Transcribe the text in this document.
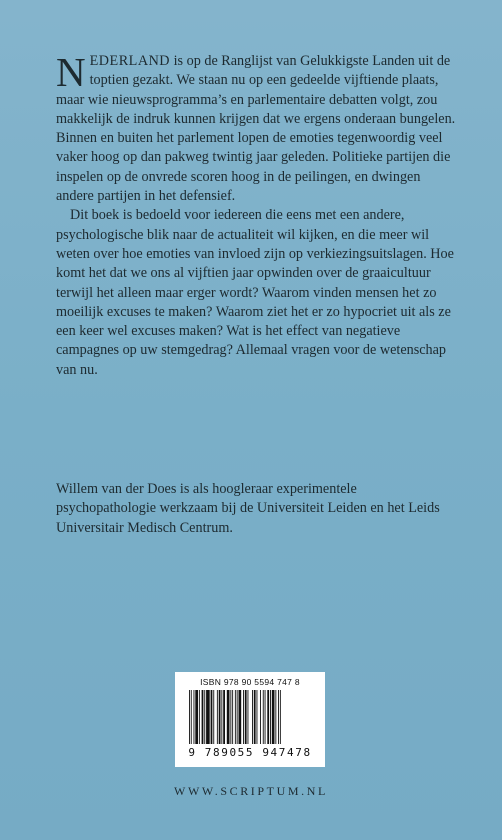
NEDERLAND is op de Ranglijst van Gelukkigste Landen uit de toptien gezakt. We staan nu op een gedeelde vijftiende plaats, maar wie nieuwsprogramma’s en parlementaire debatten volgt, zou makkelijk de indruk kunnen krijgen dat we ergens onderaan bungelen. Binnen en buiten het parlement lopen de emoties tegenwoordig veel vaker hoog op dan pakweg twintig jaar geleden. Politieke partijen die inspelen op de onvrede scoren hoog in de peilingen, en dwingen andere partijen in het defensief.

Dit boek is bedoeld voor iedereen die eens met een andere, psychologische blik naar de actualiteit wil kijken, en die meer wil weten over hoe emoties van invloed zijn op verkiezingsuitslagen. Hoe komt het dat we ons al vijftien jaar opwinden over de graaicultuur terwijl het alleen maar erger wordt? Waarom vinden mensen het zo moeilijk excuses te maken? Waarom ziet het er zo hypocriet uit als ze een keer wel excuses maken? Wat is het effect van negatieve campagnes op uw stemgedrag? Allemaal vragen voor de wetenschap van nu.

Willem van der Does is als hoogleraar experimentele psychopathologie werkzaam bij de Universiteit Leiden en het Leids Universitair Medisch Centrum.

ISBN 978 90 5594 747 8
9 789055 947478
WWW.SCRIPTUM.NL
